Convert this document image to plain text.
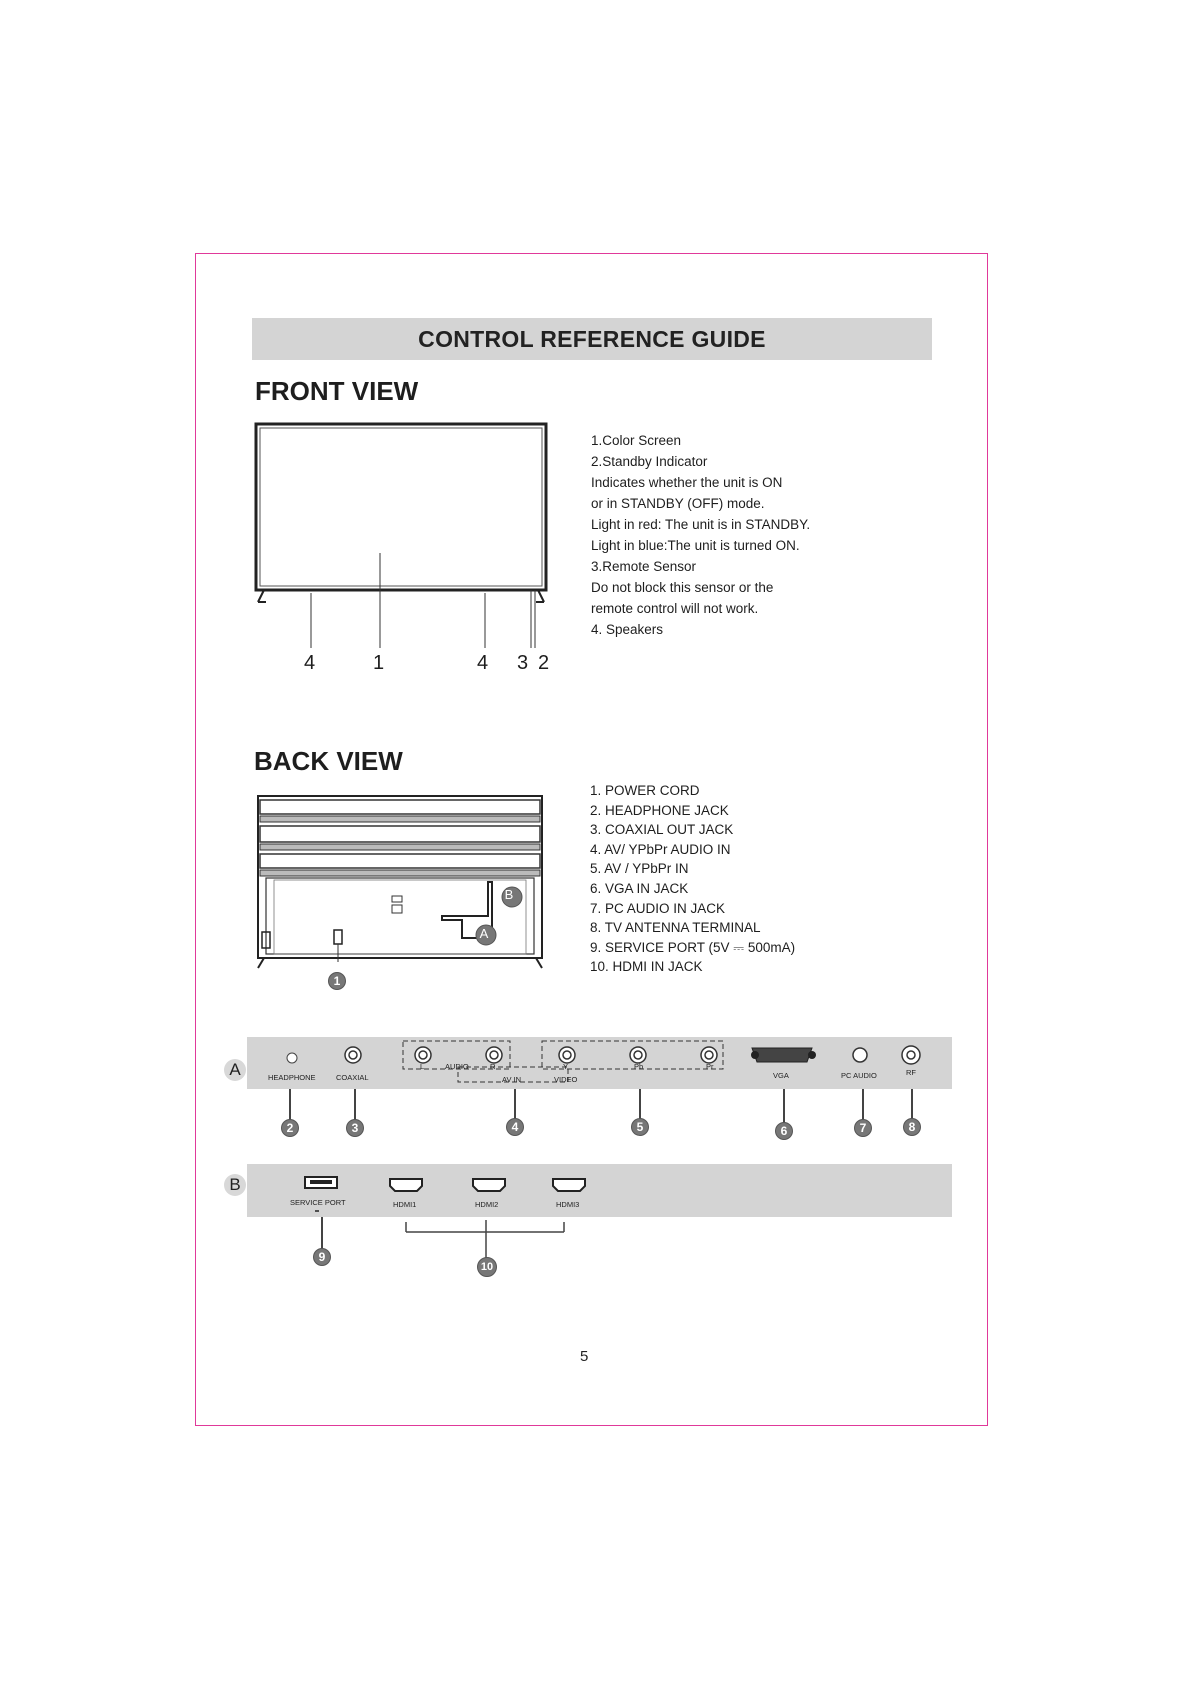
CONTROL REFERENCE GUIDE
FRONT VIEW
4	1	4 3 2
1.Color Screen
2.Standby Indicator
Indicates whether the unit is ON
or in STANDBY (OFF) mode.
Light in red: The unit is in STANDBY.
Light in blue:The unit is turned ON.
3.Remote Sensor
Do not block this sensor or the
remote control will not work.
4. Speakers
BACK VIEW
B
A
1
1. POWER CORD
2. HEADPHONE JACK
3. COAXIAL OUT JACK
4. AV/ YPbPr AUDIO IN
5. AV / YPbPr IN
6. VGA IN JACK
7. PC AUDIO IN JACK
8. TV ANTENNA TERMINAL
9. SERVICE PORT (5V ⎓ 500mA)
10. HDMI IN JACK
A	HEADPHONE	COAXIAL
L	AUDIO	R
AV IN
Y	Pb	Pr
VIDEO	VGA	PC AUDIO	RF
2	3	4	5	6	7	8
B
SERVICE PORT	HDMI1	HDMI2	HDMI3
9
10
5
